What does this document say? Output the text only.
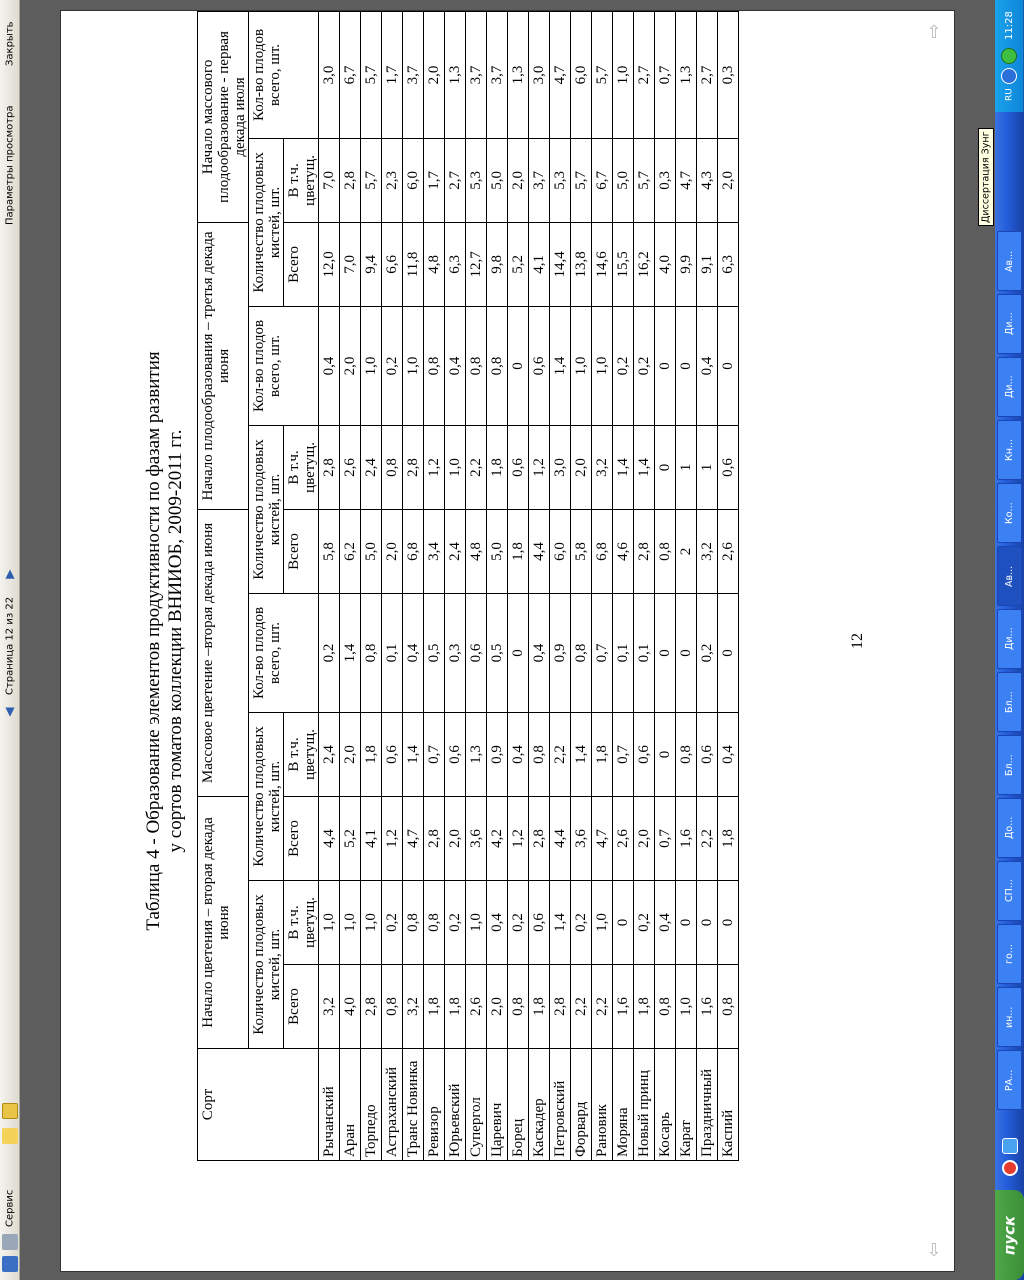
Сервис
▲
Страница 12 из 22
▼
Параметры просмотра
Закрыть	⇧
⇩
Таблица 4 - Образование элементов продуктивности по фазам развития у сортов томатов коллекции ВНИИОБ, 2009-2011 гг.
Сорт	Начало цветения – вторая декада июня			Массовое цветение –вторая декада июня			Начало плодообразования – третья декада июня			Начало массового плодообразование - первая декада июля	
	Количество плодовых кистей, шт.		Количество плодовых кистей, шт.		Кол-во плодов всего, шт.	Количество плодовых кистей, шт.		Кол-во плодов всего, шт.	Количество плодовых кистей, шт.		Кол-во плодов всего, шт.
	Всего	В т.ч. цветущ.	Всего	В т.ч. цветущ.		Всего	В т.ч. цветущ.		Всего	В т.ч. цветущ.	
Рычанский	3,2	1,0	4,4	2,4	0,2	5,8	2,8	0,4	12,0	7,0	3,0
Аран	4,0	1,0	5,2	2,0	1,4	6,2	2,6	2,0	7,0	2,8	6,7
Торпедо	2,8	1,0	4,1	1,8	0,8	5,0	2,4	1,0	9,4	5,7	5,7
Астраханский	0,8	0,2	1,2	0,6	0,1	2,0	0,8	0,2	6,6	2,3	1,7
Транс Новинка	3,2	0,8	4,7	1,4	0,4	6,8	2,8	1,0	11,8	6,0	3,7
Ревизор	1,8	0,8	2,8	0,7	0,5	3,4	1,2	0,8	4,8	1,7	2,0
Юрьевский	1,8	0,2	2,0	0,6	0,3	2,4	1,0	0,4	6,3	2,7	1,3
Супергол	2,6	1,0	3,6	1,3	0,6	4,8	2,2	0,8	12,7	5,3	3,7
Царевич	2,0	0,4	4,2	0,9	0,5	5,0	1,8	0,8	9,8	5,0	3,7
Борец	0,8	0,2	1,2	0,4	0	1,8	0,6	0	5,2	2,0	1,3
Каскадер	1,8	0,6	2,8	0,8	0,4	4,4	1,2	0,6	4,1	3,7	3,0
Петровский	2,8	1,4	4,4	2,2	0,9	6,0	3,0	1,4	14,4	5,3	4,7
Форвард	2,2	0,2	3,6	1,4	0,8	5,8	2,0	1,0	13,8	5,7	6,0
Рановик	2,2	1,0	4,7	1,8	0,7	6,8	3,2	1,0	14,6	6,7	5,7
Моряна	1,6	0	2,6	0,7	0,1	4,6	1,4	0,2	15,5	5,0	1,0
Новый принц	1,8	0,2	2,0	0,6	0,1	2,8	1,4	0,2	16,2	5,7	2,7
Косарь	0,8	0,4	0,7	0	0	0,8	0	0	4,0	0,3	0,7
Карат	1,0	0	1,6	0,8	0	2	1	0	9,9	4,7	1,3
Праздничный	1,6	0	2,2	0,6	0,2	3,2	1	0,4	9,1	4,3	2,7
Каспий	0,8	0	1,8	0,4	0	2,6	0,6	0	6,3	2,0	0,3
12
11:28
RU
Диссертация Зунг
РА...
ин...
го...
СП...
До...
Бл...
Бл...
Ди...
Ав...
Ко...
Кн...
Ди...
Ди...
Ав...
пуск
